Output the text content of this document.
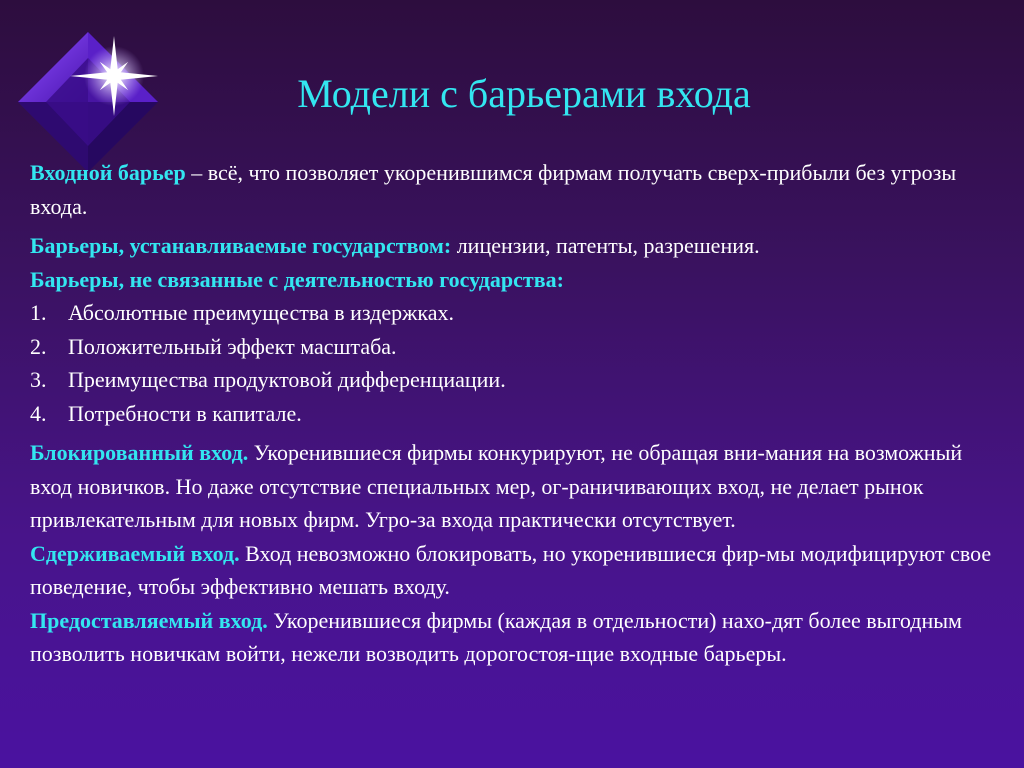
Модели с барьерами входа

Входной барьер – всё, что позволяет укоренившимся фирмам получать сверх-прибыли без угрозы входа.

Барьеры, устанавливаемые государством: лицензии, патенты, разрешения.

Барьеры, не связанные с деятельностью государства:

1. Абсолютные преимущества в издержках.
2. Положительный эффект масштаба.
3. Преимущества продуктовой дифференциации.
4. Потребности в капитале.

Блокированный вход. Укоренившиеся фирмы конкурируют, не обращая вни-мания на возможный вход новичков. Но даже отсутствие специальных мер, ог-раничивающих вход, не делает рынок привлекательным для новых фирм. Угро-за входа практически отсутствует.

Сдерживаемый вход. Вход невозможно блокировать, но укоренившиеся фир-мы модифицируют свое поведение, чтобы эффективно мешать входу.

Предоставляемый вход. Укоренившиеся фирмы (каждая в отдельности) нахо-дят более выгодным позволить новичкам войти, нежели возводить дорогостоя-щие входные барьеры.
